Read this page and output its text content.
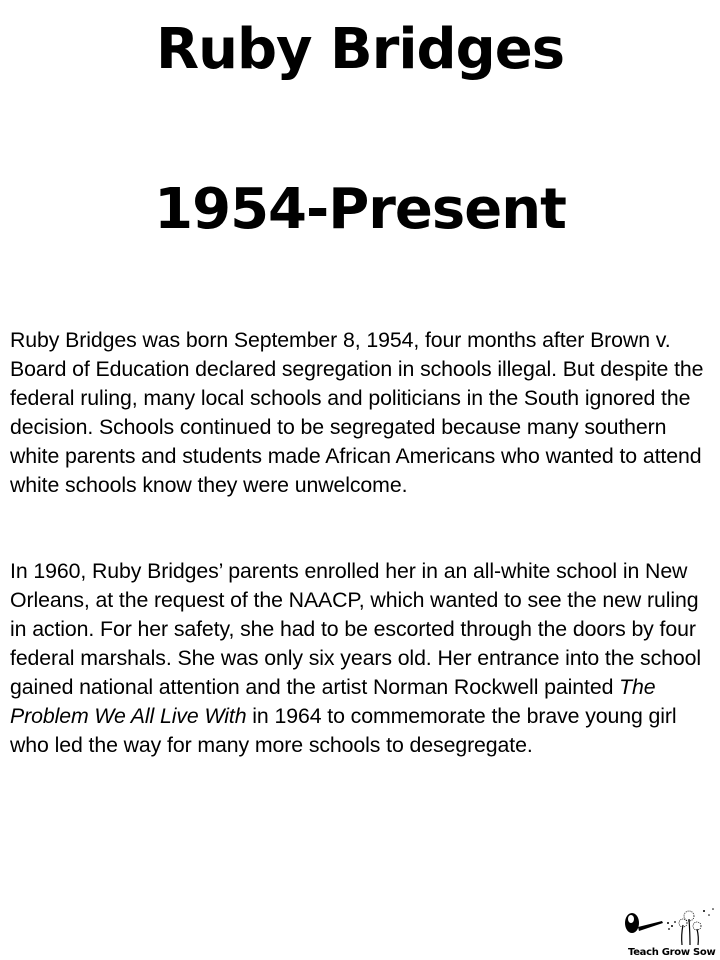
Ruby Bridges
1954-Present

Ruby Bridges was born September 8, 1954, four months after Brown v. Board of Education declared segregation in schools illegal. But despite the federal ruling, many local schools and politicians in the South ignored the decision. Schools continued to be segregated because many southern white parents and students made African Americans who wanted to attend white schools know they were unwelcome.

In 1960, Ruby Bridges’ parents enrolled her in an all-white school in New Orleans, at the request of the NAACP, which wanted to see the new ruling in action. For her safety, she had to be escorted through the doors by four federal marshals. She was only six years old. Her entrance into the school gained national attention and the artist Norman Rockwell painted The Problem We All Live With in 1964 to commemorate the brave young girl who led the way for many more schools to desegregate.

Teach Grow Sow
